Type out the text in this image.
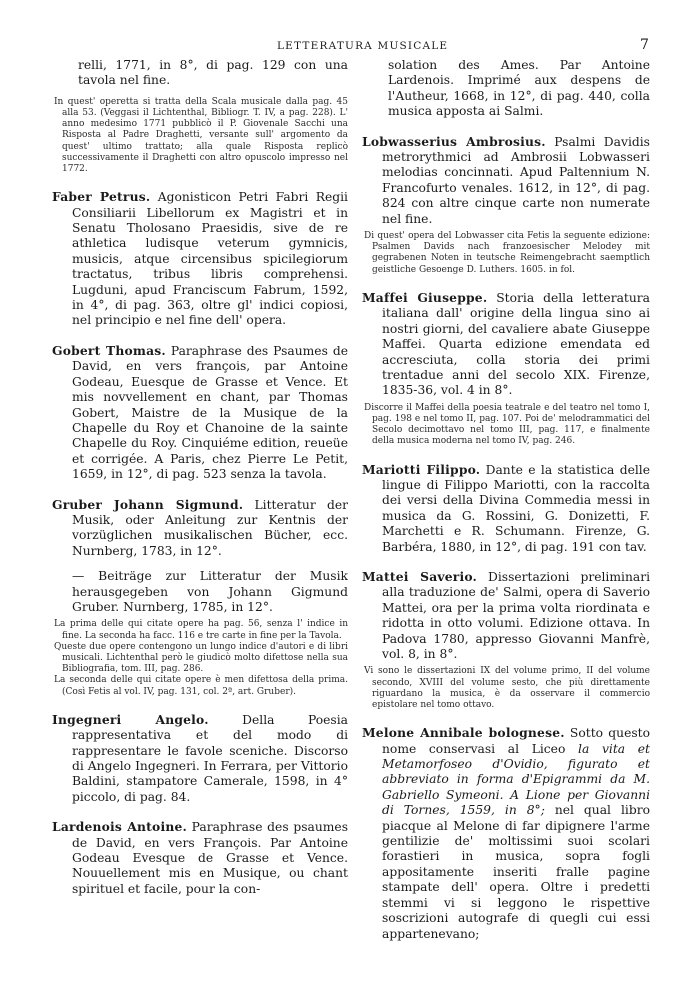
LETTERATURA MUSICALE	7

relli, 1771, in 8°, di pag. 129 con una tavola nel fine.

In quest' operetta si tratta della Scala musicale dalla pag. 45 alla 53. (Veggasi il Lichtenthal, Bibliogr. T. IV, a pag. 228). L' anno medesimo 1771 pubblicò il P. Giovenale Sacchi una Risposta al Padre Draghetti, versante sull' argomento da quest' ultimo trattato; alla quale Risposta replicò successivamente il Draghetti con altro opuscolo impresso nel 1772.

Faber Petrus. Agonisticon Petri Fabri Regii Consiliarii Libellorum ex Magistri et in Senatu Tholosano Praesidis, sive de re athletica ludisque veterum gymnicis, musicis, atque circensibus spicilegiorum tractatus, tribus libris comprehensi. Lugduni, apud Franciscum Fabrum, 1592, in 4°, di pag. 363, oltre gl' indici copiosi, nel principio e nel fine dell' opera.

Gobert Thomas. Paraphrase des Psaumes de David, en vers françois, par Antoine Godeau, Euesque de Grasse et Vence. Et mis novvellement en chant, par Thomas Gobert, Maistre de la Musique de la Chapelle du Roy et Chanoine de la sainte Chapelle du Roy. Cinquiéme edition, reueüe et corrigée. A Paris, chez Pierre Le Petit, 1659, in 12°, di pag. 523 senza la tavola.

Gruber Johann Sigmund. Litteratur der Musik, oder Anleitung zur Kentnis der vorzüglichen musikalischen Bücher, ecc. Nurnberg, 1783, in 12°.

— Beiträge zur Litteratur der Musik herausgegeben von Johann Gigmund Gruber. Nurnberg, 1785, in 12°.

La prima delle qui citate opere ha pag. 56, senza l' indice in fine. La seconda ha facc. 116 e tre carte in fine per la Tavola.
Queste due opere contengono un lungo indice d'autori e di libri musicali. Lichtenthal però le giudicò molto difettose nella sua Bibliografia, tom. III, pag. 286.
La seconda delle qui citate opere è men difettosa della prima. (Così Fetis al vol. IV, pag. 131, col. 2ª, art. Gruber).

Ingegneri Angelo. Della Poesia rappresentativa et del modo di rappresentare le favole sceniche. Discorso di Angelo Ingegneri. In Ferrara, per Vittorio Baldini, stampatore Camerale, 1598, in 4° piccolo, di pag. 84.

Lardenois Antoine. Paraphrase des psaumes de David, en vers François. Par Antoine Godeau Evesque de Grasse et Vence. Nouuellement mis en Musique, ou chant spirituel et facile, pour la con-

solation des Ames. Par Antoine Lardenois. Imprimé aux despens de l'Autheur, 1668, in 12°, di pag. 440, colla musica apposta ai Salmi.

Lobwasserius Ambrosius. Psalmi Davidis metrorythmici ad Ambrosii Lobwasseri melodias concinnati. Apud Paltennium N. Francofurto venales. 1612, in 12°, di pag. 824 con altre cinque carte non numerate nel fine.

Di quest' opera del Lobwasser cita Fetis la seguente edizione: Psalmen Davids nach franzoesischer Melodey mit gegrabenen Noten in teutsche Reimengebracht saemptlich geistliche Gesoenge D. Luthers. 1605. in fol.

Maffei Giuseppe. Storia della letteratura italiana dall' origine della lingua sino ai nostri giorni, del cavaliere abate Giuseppe Maffei. Quarta edizione emendata ed accresciuta, colla storia dei primi trentadue anni del secolo XIX. Firenze, 1835-36, vol. 4 in 8°.

Discorre il Maffei della poesia teatrale e del teatro nel tomo I, pag. 198 e nel tomo II, pag. 107. Poi de' melodrammatici del Secolo decimottavo nel tomo III, pag. 117, e finalmente della musica moderna nel tomo IV, pag. 246.

Mariotti Filippo. Dante e la statistica delle lingue di Filippo Mariotti, con la raccolta dei versi della Divina Commedia messi in musica da G. Rossini, G. Donizetti, F. Marchetti e R. Schumann. Firenze, G. Barbéra, 1880, in 12°, di pag. 191 con tav.

Mattei Saverio. Dissertazioni preliminari alla traduzione de' Salmi, opera di Saverio Mattei, ora per la prima volta riordinata e ridotta in otto volumi. Edizione ottava. In Padova 1780, appresso Giovanni Manfrè, vol. 8, in 8°.

Vi sono le dissertazioni IX del volume primo, II del volume secondo, XVIII del volume sesto, che più direttamente riguardano la musica, è da osservare il commercio epistolare nel tomo ottavo.

Melone Annibale bolognese. Sotto questo nome conservasi al Liceo la vita et Metamorfoseo d'Ovidio, figurato et abbreviato in forma d'Epigrammi da M. Gabriello Symeoni. A Lione per Giovanni di Tornes, 1559, in 8°; nel qual libro piacque al Melone di far dipignere l'arme gentilizie de' moltissimi suoi scolari forastieri in musica, sopra fogli appositamente inseriti fralle pagine stampate dell' opera. Oltre i predetti stemmi vi si leggono le rispettive soscrizioni autografe di quegli cui essi appartenevano;
